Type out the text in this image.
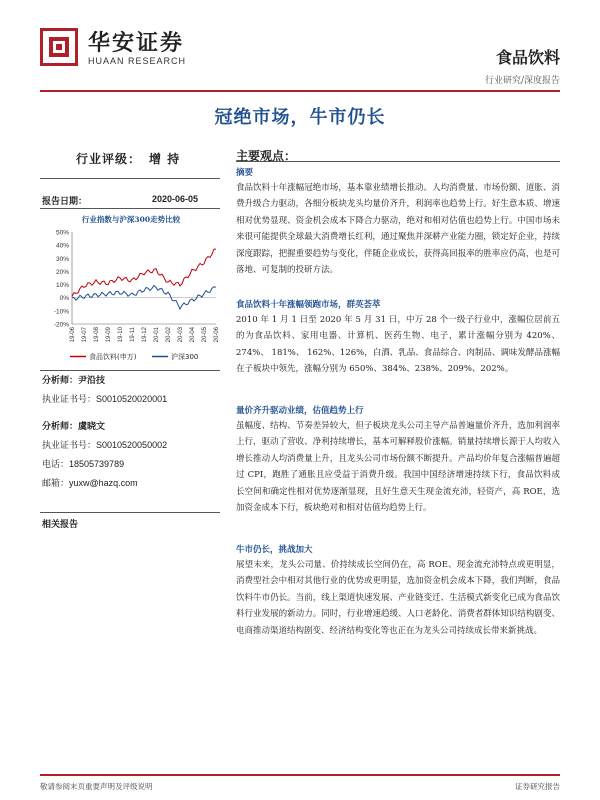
华安证券
HUAAN RESEARCH	食品饮料
行业研究/深度报告
冠绝市场，牛市仍长
行业评级： 增 持
报告日期：	2020-06-05
行业指数与沪深300走势比较
50%
40%
30%
20%
10%
0%
-10%
-20%
19-06 19-07 19-08 19-09 19-10 19-11 19-12 20-01 20-02 20-03 20-04 20-05 20-06
食品饮料(申万)	沪深300
分析师：尹沿技
执业证书号：S0010520020001
分析师：虞晓文
执业证书号：S0010520050002
电话：18505739789
邮箱：yuxw@hazq.com
相关报告
主要观点：
摘要
食品饮料十年涨幅冠绝市场，基本靠业绩增长推动。人均消费量、市场份额、道胀、消费升级合力驱动，各细分板块龙头均量价齐升，利润率也趋势上行。好生意本质、增速相对优势显现、资金机会成本下降合力驱动，绝对和相对估值也趋势上行。中国市场未来很可能提供全球最大消费增长红利，通过聚焦并深耕产业能力圈，锁定好企业，持续深度跟踪，把握重要趋势与变化，伴随企业成长，获得高回报率的胜率应仍高，也是可落地、可复制的投研方法。
食品饮料十年涨幅领跑市场，群英荟萃
2010 年 1 月 1 日至 2020 年 5 月 31 日，中万 28 个一级子行业中，涨幅位居前五的为食品饮料、家用电器、计算机、医药生物、电子，累计涨幅分别为 420%、 274%、 181%、 162%、126%，白酒、乳品、食品综合、肉制品、调味发酵品涨幅在子板块中领先，涨幅分别为 650%、384%、238%、209%、202%。
量价齐升驱动业绩，估值趋势上行
虽幅度、结构、节奏差异较大，但子板块龙头公司主导产品普遍量价齐升，选加利润率上行，驱动了营收、净利持续增长，基本可解释股价涨幅。销量持续增长源于人均收入增长推动人均消费量上升，且龙头公司市场份额不断提升。产品均价年复合涨幅普遍超过 CPI，跑胜了通胀且应受益于消费升级。我国中国经济增速持续下行，食品饮料成长空间和确定性相对优势逐渐显现，且好生意天生现金流充沛，轻资产，高 ROE，选加资金成本下行，板块绝对和相对估值均趋势上行。
牛市仍长，挑战加大
展望未来，龙头公司量、价持续成长空间仍在，高 ROE、现金流充沛特点或更明显，消费型社会中相对其他行业的优势或更明显，选加资金机会成本下降，我们判断，食品饮料牛市仍长。当前，线上渠道快速发展、产业链变迁、生活模式新变化已成为食品饮料行业发展的新动力。同时，行业增速趋缓、人口老龄化、消费者群体知识结构剧变、电商推动渠道结构剧变、经济结构变化等也正在为龙头公司持续成长带来新挑战。
敬请参阅末页重要声明及评级说明	证券研究报告
